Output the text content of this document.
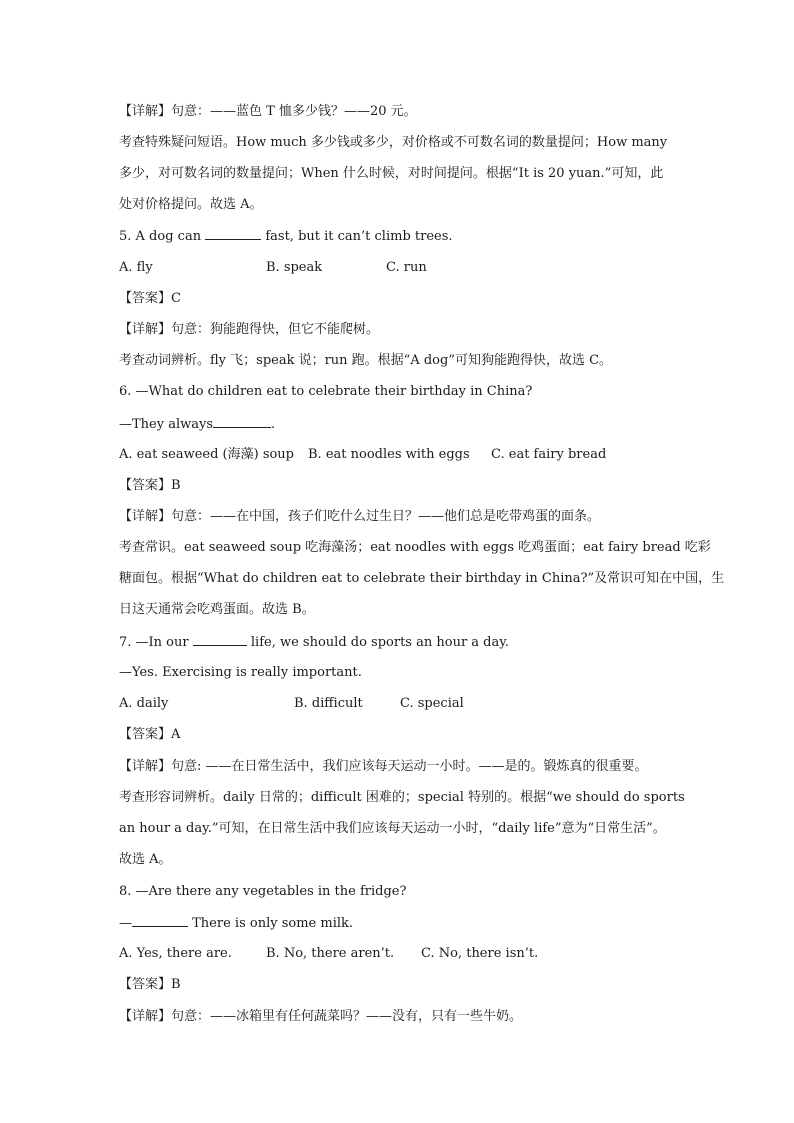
【详解】句意：——蓝色 T 恤多少钱？——20 元。
考查特殊疑问短语。How much 多少钱或多少，对价格或不可数名词的数量提问；How many
多少，对可数名词的数量提问；When 什么时候，对时间提问。根据“It is 20 yuan.”可知，此
处对价格提问。故选 A。
5. A dog can	fast, but it can’t climb trees.
A. fly	B. speak	C. run
【答案】C
【详解】句意：狗能跑得快，但它不能爬树。
考查动词辨析。fly 飞；speak 说；run 跑。根据“A dog”可知狗能跑得快，故选 C。
6. —What do children eat to celebrate their birthday in China?
—They always	.
A. eat seaweed (海藻) soup B. eat noodles with eggs C. eat fairy bread
【答案】B
【详解】句意：——在中国，孩子们吃什么过生日？——他们总是吃带鸡蛋的面条。
考查常识。eat seaweed soup 吃海藻汤；eat noodles with eggs 吃鸡蛋面；eat fairy bread 吃彩
糖面包。根据“What do children eat to celebrate their birthday in China?”及常识可知在中国，生
日这天通常会吃鸡蛋面。故选 B。
7. —In our	life, we should do sports an hour a day.
—Yes. Exercising is really important.
A. daily	B. difficult	C. special
【答案】A
【详解】句意: ——在日常生活中，我们应该每天运动一小时。——是的。锻炼真的很重要。
考查形容词辨析。daily 日常的；difficult 困难的；special 特别的。根据“we should do sports
an hour a day.”可知，在日常生活中我们应该每天运动一小时，“daily life”意为“日常生活”。
故选 A。
8. —Are there any vegetables in the fridge?
—	There is only some milk.
A. Yes, there are.	B. No, there aren’t. C. No, there isn’t.
【答案】B
【详解】句意：——冰箱里有任何蔬菜吗？——没有，只有一些牛奶。
